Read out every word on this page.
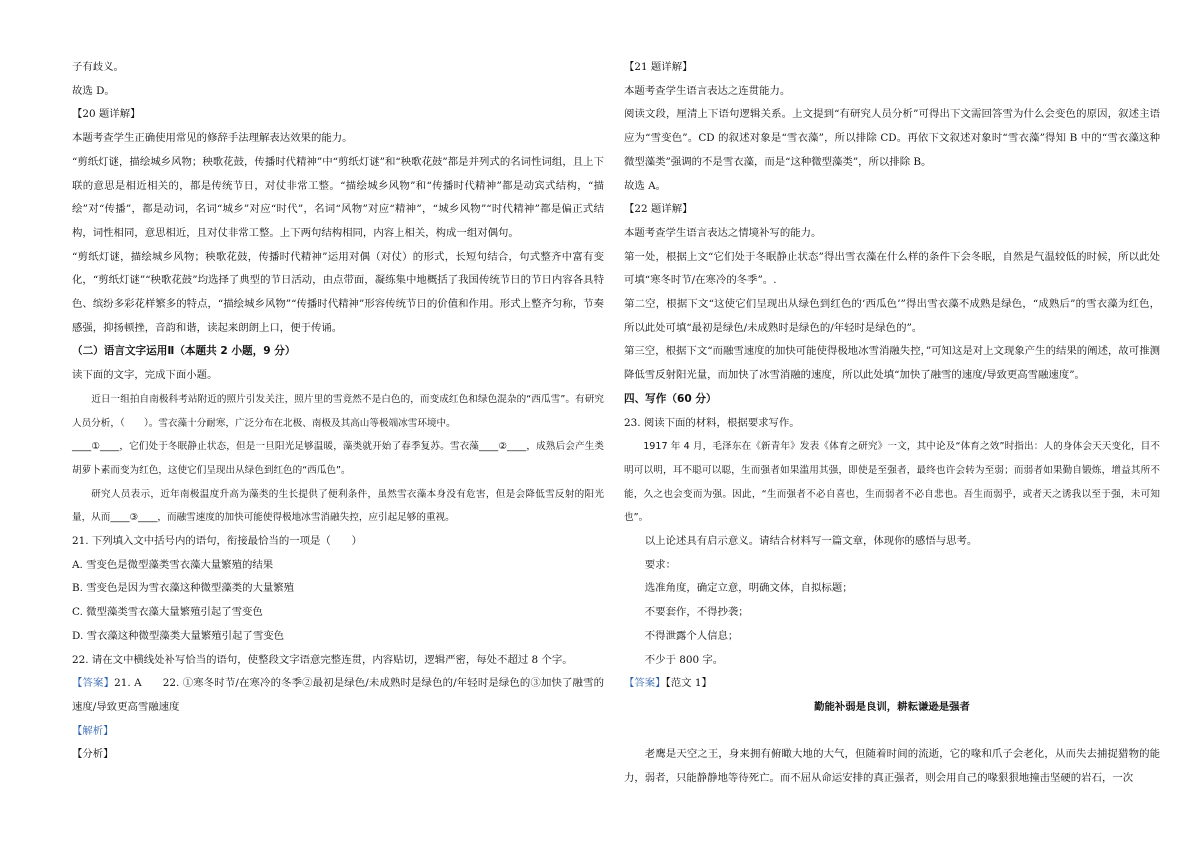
子有歧义。
故选 D。
【20 题详解】
本题考查学生正确使用常见的修辞手法理解表达效果的能力。
“剪纸灯谜，描绘城乡风物；秧歌花鼓，传播时代精神”中“剪纸灯谜”和“秧歌花鼓”都是并列式的名词性词组，且上下联的意思是相近相关的，都是传统节日，对仗非常工整。“描绘城乡风物”和“传播时代精神”都是动宾式结构，“描绘”对“传播”，都是动词，名词“城乡”对应“时代”，名词“风物”对应“精神”，“城乡风物”“时代精神”都是偏正式结构，词性相同，意思相近，且对仗非常工整。上下两句结构相同，内容上相关，构成一组对偶句。
“剪纸灯谜，描绘城乡风物；秧歌花鼓，传播时代精神”运用对偶（对仗）的形式，长短句结合，句式整齐中富有变化，“剪纸灯谜”“秧歌花鼓”均选择了典型的节日活动，由点带面，凝练集中地概括了我国传统节日的节日内容各具特色、缤纷多彩花样繁多的特点，“描绘城乡风物”“传播时代精神”形容传统节日的价值和作用。形式上整齐匀称，节奏感强，抑扬顿挫，音韵和谐，读起来朗朗上口，便于传诵。
（二）语言文字运用Ⅱ（本题共 2 小题，9 分）
读下面的文字，完成下面小题。
近日一组拍自南极科考站附近的照片引发关注，照片里的雪竟然不是白色的，而变成红色和绿色混杂的“西瓜雪”。有研究人员分析，（　　）。雪衣藻十分耐寒，广泛分布在北极、南极及其高山等极端冰雪环境中。
____①____，它们处于冬眠静止状态，但是一旦阳光足够温暖，藻类就开始了春季复苏。雪衣藻____②____，成熟后会产生类胡萝卜素而变为红色，这使它们呈现出从绿色到红色的“西瓜色”。
研究人员表示，近年南极温度升高为藻类的生长提供了便利条件，虽然雪衣藻本身没有危害，但是会降低雪反射的阳光量，从而____③____，而融雪速度的加快可能使得极地冰雪消融失控，应引起足够的重视。
21. 下列填入文中括号内的语句，衔接最恰当的一项是（　　）
A. 雪变色是微型藻类雪衣藻大量繁殖的结果
B. 雪变色是因为雪衣藻这种微型藻类的大量繁殖
C. 微型藻类雪衣藻大量繁殖引起了雪变色
D. 雪衣藻这种微型藻类大量繁殖引起了雪变色
22. 请在文中横线处补写恰当的语句，使整段文字语意完整连贯，内容贴切，逻辑严密，每处不超过 8 个字。
【答案】21. A　　22. ①寒冬时节/在寒冷的冬季②最初是绿色/未成熟时是绿色的/年轻时是绿色的③加快了融雪的速度/导致更高雪融速度
【解析】
【分析】
【21 题详解】
本题考查学生语言表达之连贯能力。
阅读文段，厘清上下语句逻辑关系。上文提到“有研究人员分析”可得出下文需回答雪为什么会变色的原因，叙述主语应为“雪变色”。CD 的叙述对象是“雪衣藻”，所以排除 CD。再依下文叙述对象时“雪衣藻”得知 B 中的“雪衣藻这种微型藻类”强调的不是雪衣藻，而是“这种微型藻类”，所以排除 B。
故选 A。
【22 题详解】
本题考查学生语言表达之情境补写的能力。
第一处，根据上文“它们处于冬眠静止状态”得出雪衣藻在什么样的条件下会冬眠，自然是气温较低的时候，所以此处可填“寒冬时节/在寒冷的冬季”。.
第二空，根据下文“这使它们呈现出从绿色到红色的‘西瓜色’”得出雪衣藻不成熟是绿色，“成熟后”的雪衣藻为红色，所以此处可填“最初是绿色/未成熟时是绿色的/年轻时是绿色的”。
第三空，根据下文“而融雪速度的加快可能使得极地冰雪消融失控，”可知这是对上文现象产生的结果的阐述，故可推测降低雪反射阳光量，而加快了冰雪消融的速度，所以此处填“加快了融雪的速度/导致更高雪融速度”。
四、写作（60 分）
23. 阅读下面的材料，根据要求写作。
1917 年 4 月，毛泽东在《新青年》发表《体育之研究》一文，其中论及“体育之效”时指出：人的身体会天天变化，目不明可以明，耳不聪可以聪，生而强者如果滥用其强，即使是至强者，最终也许会转为至弱；而弱者如果勤自锻炼，增益其所不能，久之也会变而为强。因此，“生而强者不必自喜也，生而弱者不必自悲也。吾生而弱乎，或者天之诱我以至于强，未可知也”。
以上论述具有启示意义。请结合材料写一篇文章，体现你的感悟与思考。
要求：
选准角度，确定立意，明确文体，自拟标题；
不要套作，不得抄袭；
不得泄露个人信息；
不少于 800 字。
【答案】【范文 1】
勤能补弱是良训，耕耘谦逊是强者

老鹰是天空之王，身来拥有俯瞰大地的大气，但随着时间的流逝，它的喙和爪子会老化，从而失去捕捉猎物的能力，弱者，只能静静地等待死亡。而不屈从命运安排的真正强者，则会用自己的喙狠狠地撞击坚硬的岩石，一次
